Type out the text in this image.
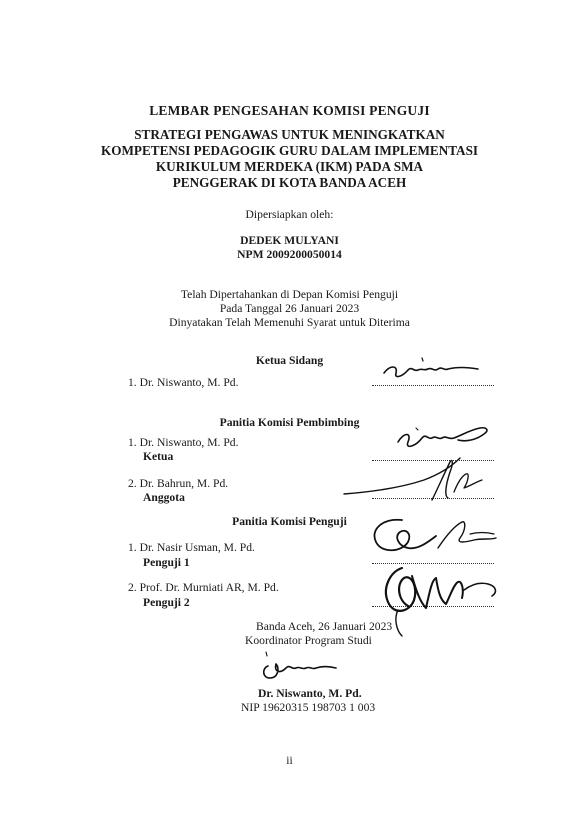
LEMBAR PENGESAHAN KOMISI PENGUJI
STRATEGI PENGAWAS UNTUK MENINGKATKAN
KOMPETENSI PEDAGOGIK GURU DALAM IMPLEMENTASI
KURIKULUM MERDEKA (IKM) PADA SMA
PENGGERAK DI KOTA BANDA ACEH
Dipersiapkan oleh:
DEDEK MULYANI
NPM 2009200050014
Telah Dipertahankan di Depan Komisi Penguji
Pada Tanggal 26 Januari 2023
Dinyatakan Telah Memenuhi Syarat untuk Diterima
Ketua Sidang
1. Dr. Niswanto, M. Pd.
Panitia Komisi Pembimbing
1. Dr. Niswanto, M. Pd.
Ketua
2. Dr. Bahrun, M. Pd.
Anggota
Panitia Komisi Penguji
1. Dr. Nasir Usman, M. Pd.
Penguji 1
2. Prof. Dr. Murniati AR, M. Pd.
Penguji 2
Banda Aceh, 26 Januari 2023
Koordinator Program Studi
Dr. Niswanto, M. Pd.
NIP 19620315 198703 1 003
ii
